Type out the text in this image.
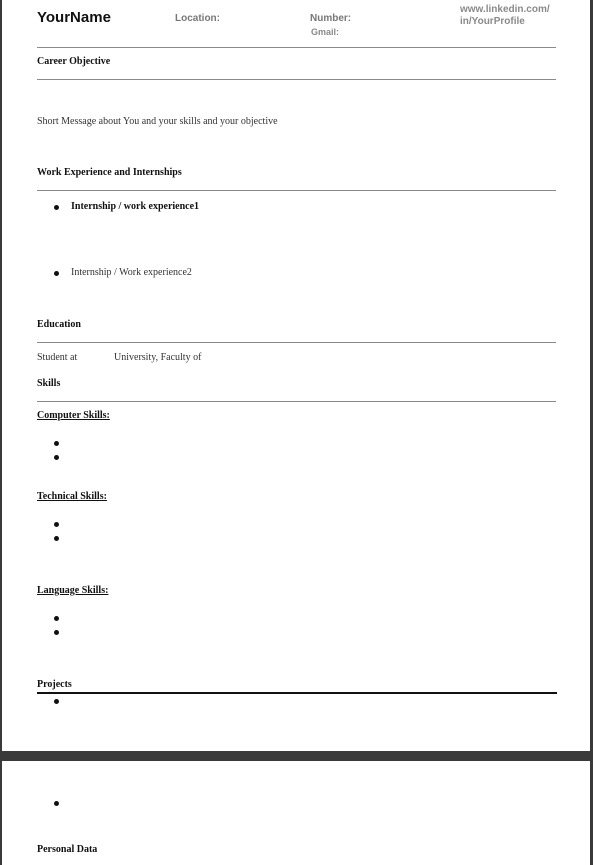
YourName	Location:	Number:
Gmail:
www.linkedin.com/
in/YourProfile
Career Objective
Short Message about You and your skills and your objective
Work Experience and Internships
Internship / work experience1
Internship / Work experience2
Education
Student at	University, Faculty of
Skills
Computer Skills:
Technical Skills:
Language Skills:
Projects
Personal Data
